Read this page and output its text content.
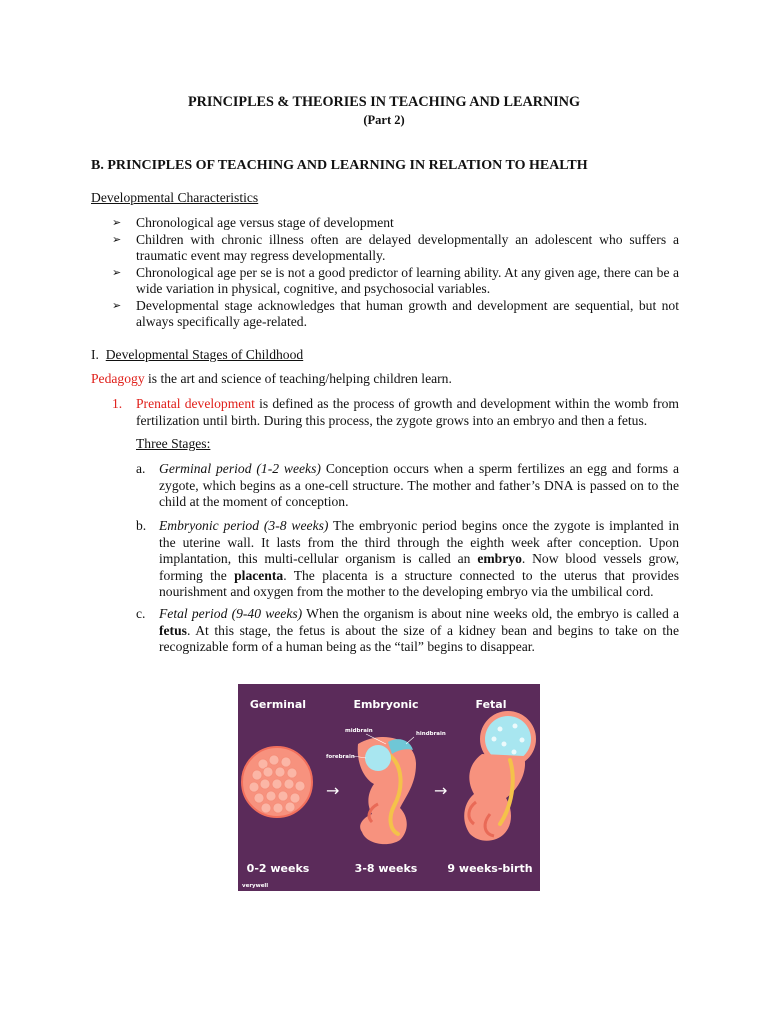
PRINCIPLES & THEORIES IN TEACHING AND LEARNING
(Part 2)
B. PRINCIPLES OF TEACHING AND LEARNING IN RELATION TO HEALTH
Developmental Characteristics
➢ Chronological age versus stage of development
➢ Children with chronic illness often are delayed developmentally an adolescent who suffers a traumatic event may regress developmentally.
➢ Chronological age per se is not a good predictor of learning ability. At any given age, there can be a wide variation in physical, cognitive, and psychosocial variables.
➢ Developmental stage acknowledges that human growth and development are sequential, but not always specifically age-related.
I. Developmental Stages of Childhood
Pedagogy is the art and science of teaching/helping children learn.
1. Prenatal development is defined as the process of growth and development within the womb from fertilization until birth. During this process, the zygote grows into an embryo and then a fetus.
Three Stages:
a. Germinal period (1-2 weeks) Conception occurs when a sperm fertilizes an egg and forms a zygote, which begins as a one-cell structure. The mother and father’s DNA is passed on to the child at the moment of conception.
b. Embryonic period (3-8 weeks) The embryonic period begins once the zygote is implanted in the uterine wall. It lasts from the third through the eighth week after conception. Upon implantation, this multi-cellular organism is called an embryo. Now blood vessels grow, forming the placenta. The placenta is a structure connected to the uterus that provides nourishment and oxygen from the mother to the developing embryo via the umbilical cord.
c. Fetal period (9-40 weeks) When the organism is about nine weeks old, the embryo is called a fetus. At this stage, the fetus is about the size of a kidney bean and begins to take on the recognizable form of a human being as the “tail” begins to disappear.
Germinal	Embryonic	Fetal
→	→
midbrain	hindbrain
forebrain
0-2 weeks	3-8 weeks	9 weeks-birth
verywell
